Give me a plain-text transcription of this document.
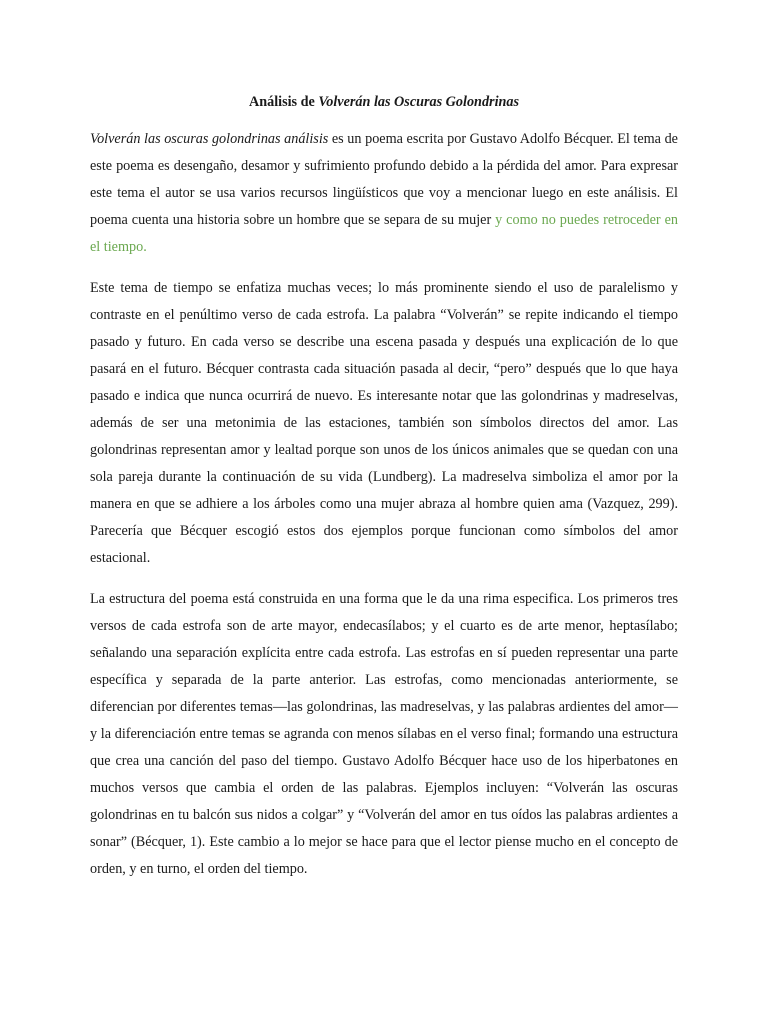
Análisis de Volverán las Oscuras Golondrinas

Volverán las oscuras golondrinas análisis es un poema escrita por Gustavo Adolfo Bécquer. El tema de este poema es desengaño, desamor y sufrimiento profundo debido a la pérdida del amor. Para expresar este tema el autor se usa varios recursos lingüísticos que voy a mencionar luego en este análisis. El poema cuenta una historia sobre un hombre que se separa de su mujer y como no puedes retroceder en el tiempo.

Este tema de tiempo se enfatiza muchas veces; lo más prominente siendo el uso de paralelismo y contraste en el penúltimo verso de cada estrofa. La palabra “Volverán” se repite indicando el tiempo pasado y futuro. En cada verso se describe una escena pasada y después una explicación de lo que pasará en el futuro. Bécquer contrasta cada situación pasada al decir, “pero” después que lo que haya pasado e indica que nunca ocurrirá de nuevo. Es interesante notar que las golondrinas y madreselvas, además de ser una metonimia de las estaciones, también son símbolos directos del amor. Las golondrinas representan amor y lealtad porque son unos de los únicos animales que se quedan con una sola pareja durante la continuación de su vida (Lundberg). La madreselva simboliza el amor por la manera en que se adhiere a los árboles como una mujer abraza al hombre quien ama (Vazquez, 299). Parecería que Bécquer escogió estos dos ejemplos porque funcionan como símbolos del amor estacional.

La estructura del poema está construida en una forma que le da una rima especifica. Los primeros tres versos de cada estrofa son de arte mayor, endecasílabos; y el cuarto es de arte menor, heptasílabo; señalando una separación explícita entre cada estrofa. Las estrofas en sí pueden representar una parte específica y separada de la parte anterior. Las estrofas, como mencionadas anteriormente, se diferencian por diferentes temas—las golondrinas, las madreselvas, y las palabras ardientes del amor—y la diferenciación entre temas se agranda con menos sílabas en el verso final; formando una estructura que crea una canción del paso del tiempo. Gustavo Adolfo Bécquer hace uso de los hiperbatones en muchos versos que cambia el orden de las palabras. Ejemplos incluyen: “Volverán las oscuras golondrinas en tu balcón sus nidos a colgar” y “Volverán del amor en tus oídos las palabras ardientes a sonar” (Bécquer, 1). Este cambio a lo mejor se hace para que el lector piense mucho en el concepto de orden, y en turno, el orden del tiempo.
